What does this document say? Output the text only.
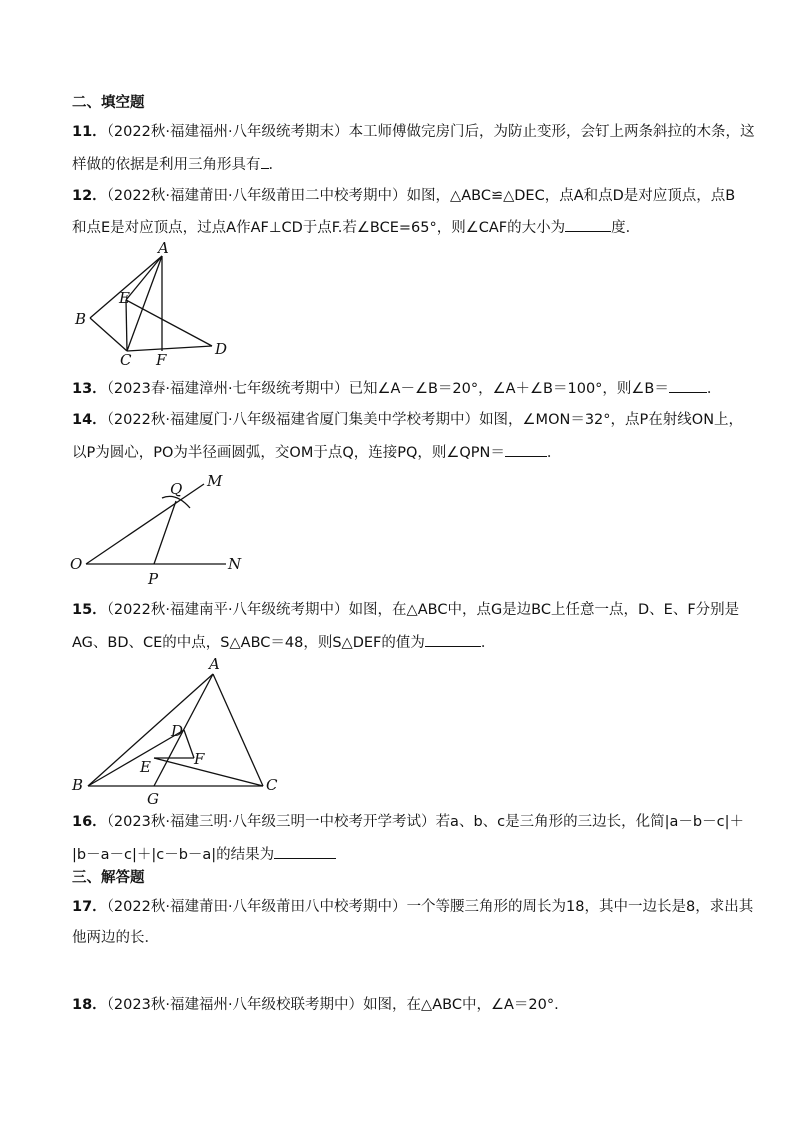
二、填空题
11．（2022秋·福建福州·八年级统考期末）本工师傅做完房门后，为防止变形，会钉上两条斜拉的木条，这
样做的依据是利用三角形具有 ．
12．（2022秋·福建莆田·八年级莆田二中校考期中）如图，△ABC≌△DEC，点A和点D是对应顶点，点B
和点E是对应顶点，过点A作AF⊥CD于点F.若∠BCE=65°，则∠CAF的大小为	度．
A
B
E
C F
D
13．（2023春·福建漳州·七年级统考期中）已知∠A－∠B＝20°，∠A＋∠B＝100°，则∠B＝	．
14．（2022秋·福建厦门·八年级福建省厦门集美中学校考期中）如图，∠MON＝32°，点P在射线ON上，
以P为圆心，PO为半径画圆弧，交OM于点Q，连接PQ，则∠QPN＝	．
Q M
O
P
N
15．（2022秋·福建南平·八年级统考期中）如图，在△ABC中，点G是边BC上任意一点，D、E、F分别是
AG、BD、CE的中点，S△ABC＝48，则S△DEF的值为	．
A
D
F
E
B	C
G
16．（2023秋·福建三明·八年级三明一中校考开学考试）若a、b、c是三角形的三边长，化简|a－b－c|＋
|b－a－c|＋|c－b－a|的结果为
三、解答题
17．（2022秋·福建莆田·八年级莆田八中校考期中）一个等腰三角形的周长为18，其中一边长是8，求出其
他两边的长．
18．（2023秋·福建福州·八年级校联考期中）如图，在△ABC中，∠A＝20°.
